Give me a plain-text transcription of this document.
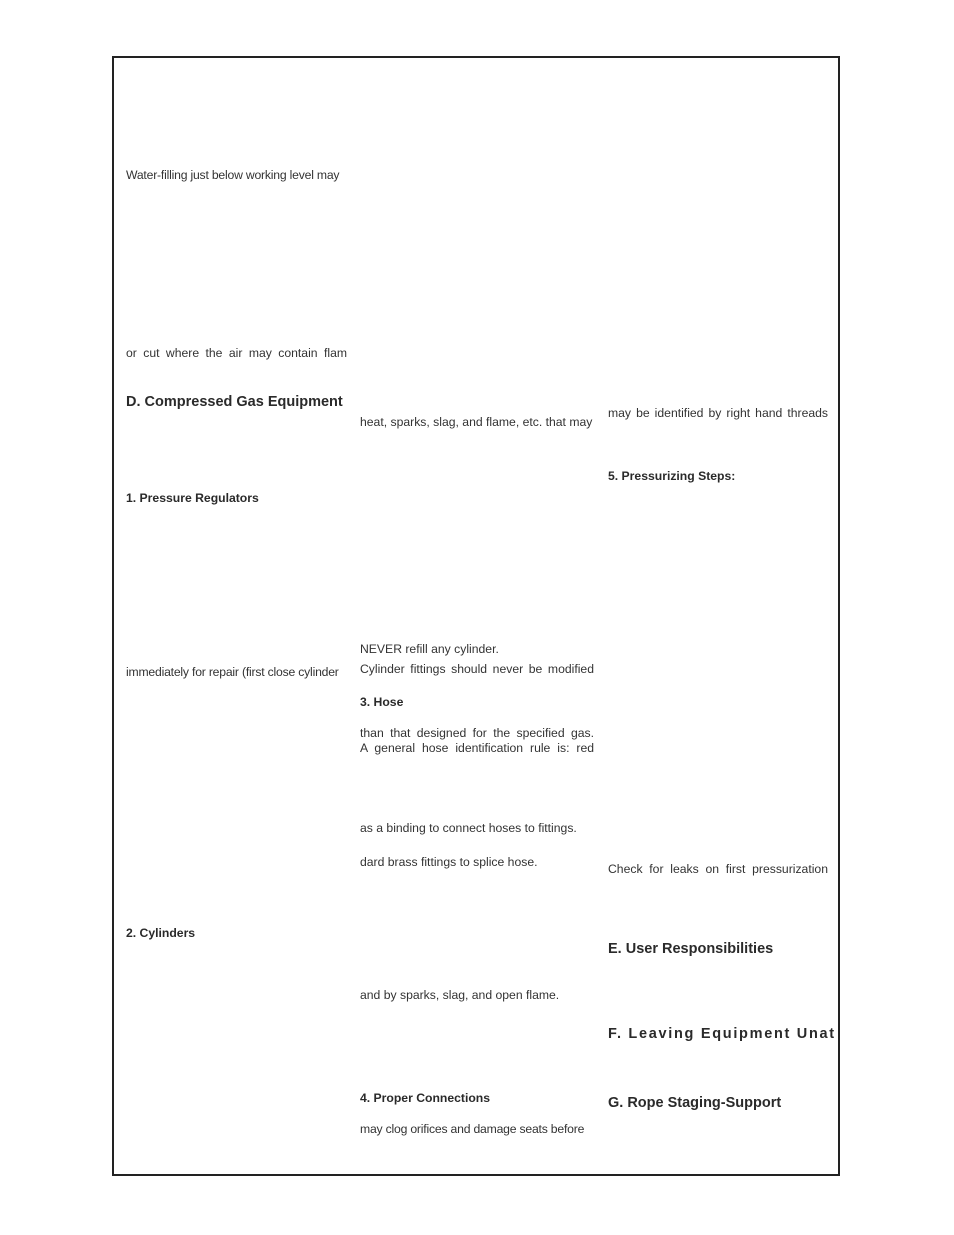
Water-filling just below working level may
or cut where the air may contain flam
D. Compressed Gas Equipment
1. Pressure Regulators
immediately for repair (first close cylinder
2. Cylinders
heat, sparks, slag, and flame, etc. that may
NEVER refill any cylinder.
Cylinder fittings should never be modified
3. Hose
than that designed for the specified gas.
A general hose identification rule is: red
as a binding to connect hoses to fittings.
dard brass fittings to splice hose.
and by sparks, slag, and open flame.
4. Proper Connections
may clog orifices and damage seats before
may be identified by right hand threads
5. Pressurizing Steps:
Check for leaks on first pressurization
E. User Responsibilities
F. Leaving Equipment Unat
G. Rope Staging-Support
